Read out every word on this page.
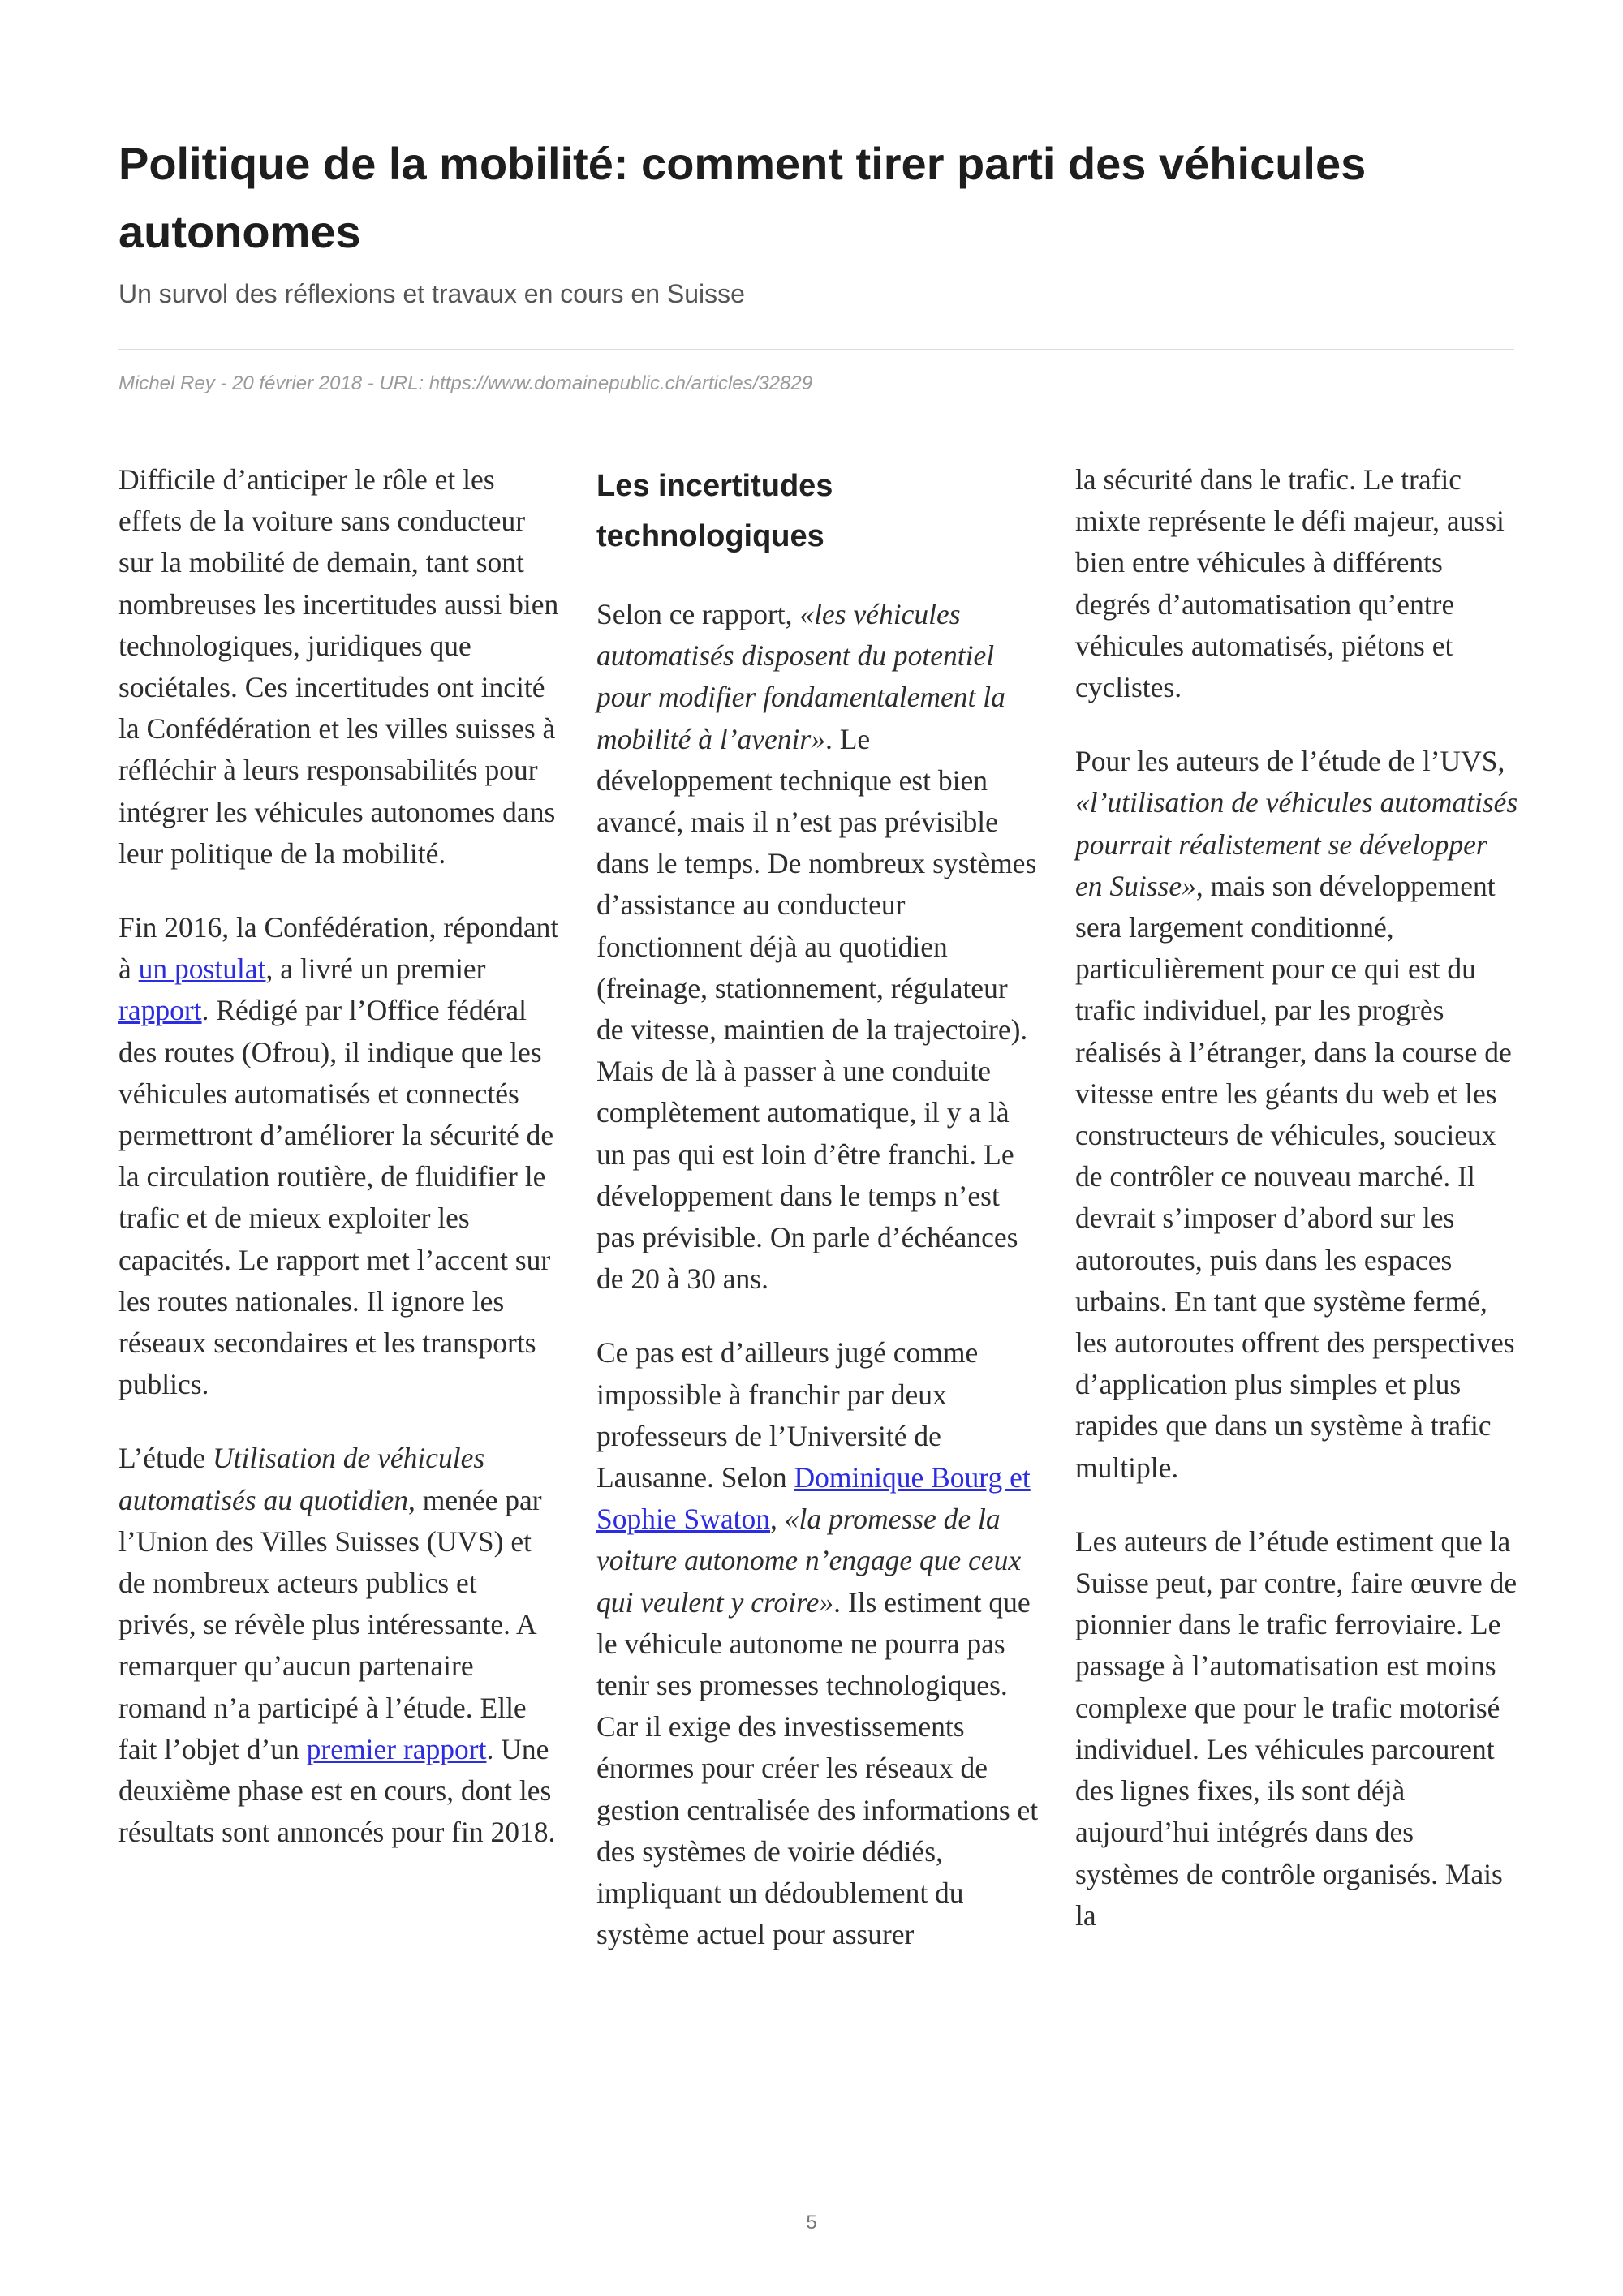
Politique de la mobilité: comment tirer parti des véhicules autonomes

Un survol des réflexions et travaux en cours en Suisse

Michel Rey - 20 février 2018 - URL: https://www.domainepublic.ch/articles/32829

Difficile d’anticiper le rôle et les effets de la voiture sans conducteur sur la mobilité de demain, tant sont nombreuses les incertitudes aussi bien technologiques, juridiques que sociétales. Ces incertitudes ont incité la Confédération et les villes suisses à réfléchir à leurs responsabilités pour intégrer les véhicules autonomes dans leur politique de la mobilité.

Fin 2016, la Confédération, répondant à un postulat, a livré un premier rapport. Rédigé par l’Office fédéral des routes (Ofrou), il indique que les véhicules automatisés et connectés permettront d’améliorer la sécurité de la circulation routière, de fluidifier le trafic et de mieux exploiter les capacités. Le rapport met l’accent sur les routes nationales. Il ignore les réseaux secondaires et les transports publics.

L’étude Utilisation de véhicules automatisés au quotidien, menée par l’Union des Villes Suisses (UVS) et de nombreux acteurs publics et privés, se révèle plus intéressante. A remarquer qu’aucun partenaire romand n’a participé à l’étude. Elle fait l’objet d’un premier rapport. Une deuxième phase est en cours, dont les résultats sont annoncés pour fin 2018.

Les incertitudes technologiques

Selon ce rapport, «les véhicules automatisés disposent du potentiel pour modifier fondamentalement la mobilité à l’avenir». Le développement technique est bien avancé, mais il n’est pas prévisible dans le temps. De nombreux systèmes d’assistance au conducteur fonctionnent déjà au quotidien (freinage, stationnement, régulateur de vitesse, maintien de la trajectoire). Mais de là à passer à une conduite complètement automatique, il y a là un pas qui est loin d’être franchi. Le développement dans le temps n’est pas prévisible. On parle d’échéances de 20 à 30 ans.

Ce pas est d’ailleurs jugé comme impossible à franchir par deux professeurs de l’Université de Lausanne. Selon Dominique Bourg et Sophie Swaton, «la promesse de la voiture autonome n’engage que ceux qui veulent y croire». Ils estiment que le véhicule autonome ne pourra pas tenir ses promesses technologiques. Car il exige des investissements énormes pour créer les réseaux de gestion centralisée des informations et des systèmes de voirie dédiés, impliquant un dédoublement du système actuel pour assurer

la sécurité dans le trafic. Le trafic mixte représente le défi majeur, aussi bien entre véhicules à différents degrés d’automatisation qu’entre véhicules automatisés, piétons et cyclistes.

Pour les auteurs de l’étude de l’UVS, «l’utilisation de véhicules automatisés pourrait réalistement se développer en Suisse», mais son développement sera largement conditionné, particulièrement pour ce qui est du trafic individuel, par les progrès réalisés à l’étranger, dans la course de vitesse entre les géants du web et les constructeurs de véhicules, soucieux de contrôler ce nouveau marché. Il devrait s’imposer d’abord sur les autoroutes, puis dans les espaces urbains. En tant que système fermé, les autoroutes offrent des perspectives d’application plus simples et plus rapides que dans un système à trafic multiple.

Les auteurs de l’étude estiment que la Suisse peut, par contre, faire œuvre de pionnier dans le trafic ferroviaire. Le passage à l’automatisation est moins complexe que pour le trafic motorisé individuel. Les véhicules parcourent des lignes fixes, ils sont déjà aujourd’hui intégrés dans des systèmes de contrôle organisés. Mais la

5
